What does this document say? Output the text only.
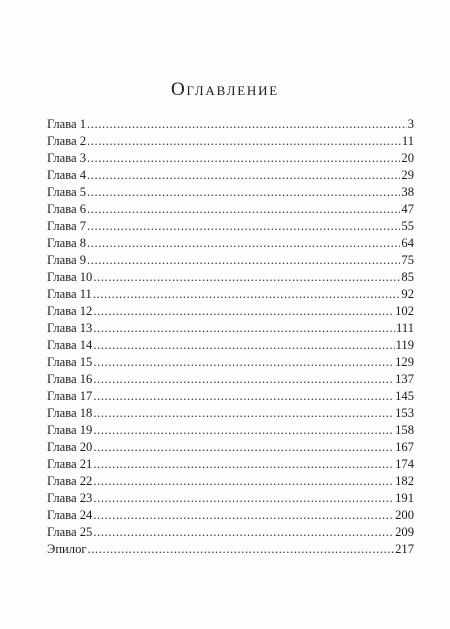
Оглавление
Глава 1 .....	3
Глава 2 .....	11
Глава 3 .....	20
Глава 4 .....	29
Глава 5 .....	38
Глава 6 .....	47
Глава 7 .....	55
Глава 8 .....	64
Глава 9 .....	75
Глава 10 .....	85
Глава 11 .....	92
Глава 12 .....	102
Глава 13 .....	111
Глава 14 .....	119
Глава 15 .....	129
Глава 16 .....	137
Глава 17 .....	145
Глава 18 .....	153
Глава 19 .....	158
Глава 20 .....	167
Глава 21 .....	174
Глава 22 .....	182
Глава 23 .....	191
Глава 24 .....	200
Глава 25 .....	209
Эпилог .....	217
